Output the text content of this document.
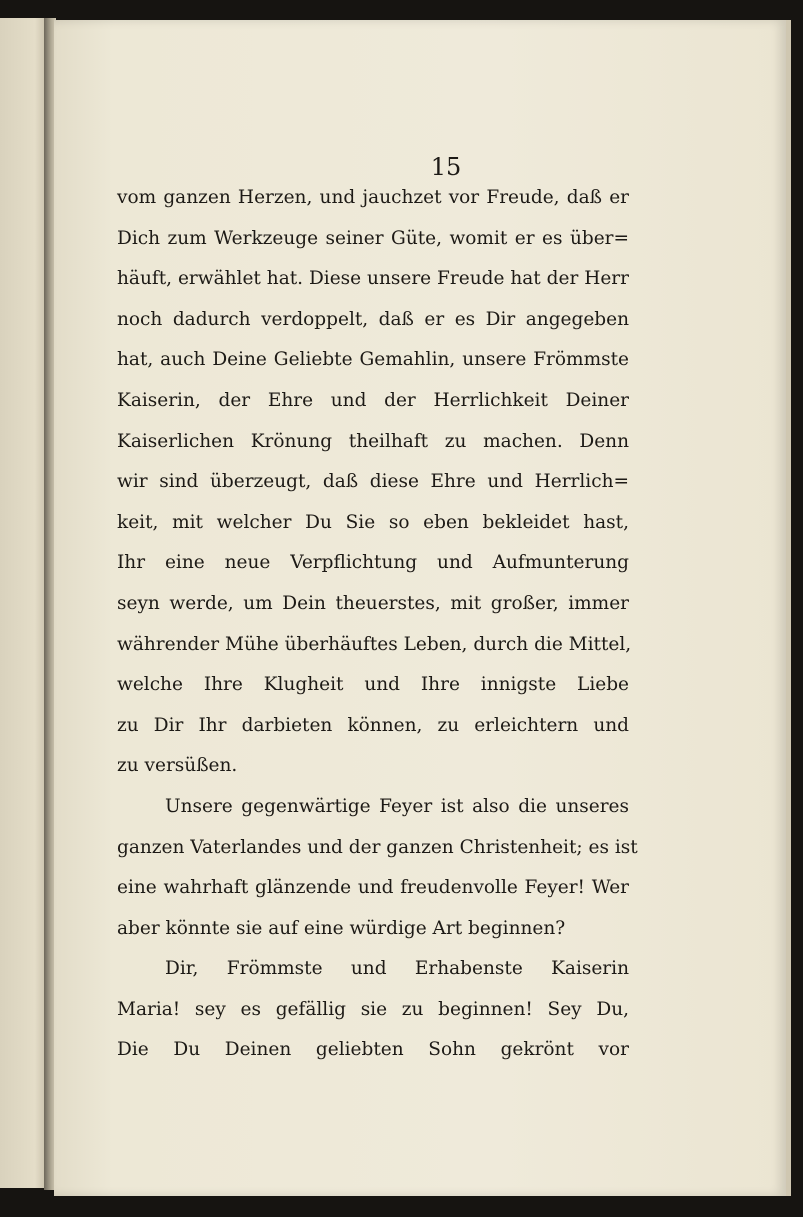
15
vom ganzen Herzen, und jauchzet vor Freude, daß er
Dich zum Werkzeuge seiner Güte, womit er es über=
häuft, erwählet hat. Diese unsere Freude hat der Herr
noch dadurch verdoppelt, daß er es Dir angegeben
hat, auch Deine Geliebte Gemahlin, unsere Frömmste
Kaiserin, der Ehre und der Herrlichkeit Deiner
Kaiserlichen Krönung theilhaft zu machen. Denn
wir sind überzeugt, daß diese Ehre und Herrlich=
keit, mit welcher Du Sie so eben bekleidet hast,
Ihr eine neue Verpflichtung und Aufmunterung
seyn werde, um Dein theuerstes, mit großer, immer
währender Mühe überhäuftes Leben, durch die Mittel,
welche Ihre Klugheit und Ihre innigste Liebe
zu Dir Ihr darbieten können, zu erleichtern und
zu versüßen.
Unsere gegenwärtige Feyer ist also die unseres
ganzen Vaterlandes und der ganzen Christenheit; es ist
eine wahrhaft glänzende und freudenvolle Feyer! Wer
aber könnte sie auf eine würdige Art beginnen?
Dir, Frömmste und Erhabenste Kaiserin
Maria! sey es gefällig sie zu beginnen! Sey Du,
Die Du Deinen geliebten Sohn gekrönt vor
